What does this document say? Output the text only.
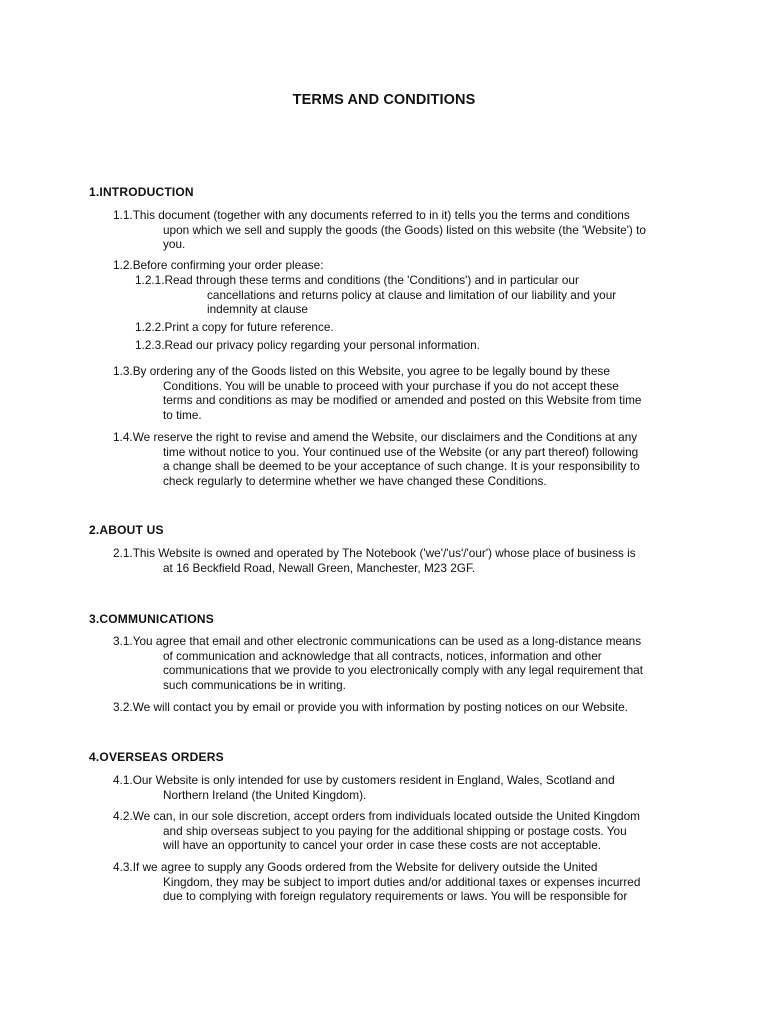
TERMS AND CONDITIONS
1.INTRODUCTION
1.1.This document (together with any documents referred to in it) tells you the terms and conditions
upon which we sell and supply the goods (the Goods) listed on this website (the 'Website') to
you.
1.2.Before confirming your order please:
1.2.1.Read through these terms and conditions (the 'Conditions') and in particular our
cancellations and returns policy at clause and limitation of our liability and your
indemnity at clause
1.2.2.Print a copy for future reference.
1.2.3.Read our privacy policy regarding your personal information.
1.3.By ordering any of the Goods listed on this Website, you agree to be legally bound by these
Conditions. You will be unable to proceed with your purchase if you do not accept these
terms and conditions as may be modified or amended and posted on this Website from time
to time.
1.4.We reserve the right to revise and amend the Website, our disclaimers and the Conditions at any
time without notice to you. Your continued use of the Website (or any part thereof) following
a change shall be deemed to be your acceptance of such change. It is your responsibility to
check regularly to determine whether we have changed these Conditions.
2.ABOUT US
2.1.This Website is owned and operated by The Notebook ('we'/'us'/'our') whose place of business is
at 16 Beckfield Road, Newall Green, Manchester, M23 2GF.
3.COMMUNICATIONS
3.1.You agree that email and other electronic communications can be used as a long-distance means
of communication and acknowledge that all contracts, notices, information and other
communications that we provide to you electronically comply with any legal requirement that
such communications be in writing.
3.2.We will contact you by email or provide you with information by posting notices on our Website.
4.OVERSEAS ORDERS
4.1.Our Website is only intended for use by customers resident in England, Wales, Scotland and
Northern Ireland (the United Kingdom).
4.2.We can, in our sole discretion, accept orders from individuals located outside the United Kingdom
and ship overseas subject to you paying for the additional shipping or postage costs. You
will have an opportunity to cancel your order in case these costs are not acceptable.
4.3.If we agree to supply any Goods ordered from the Website for delivery outside the United
Kingdom, they may be subject to import duties and/or additional taxes or expenses incurred
due to complying with foreign regulatory requirements or laws. You will be responsible for
